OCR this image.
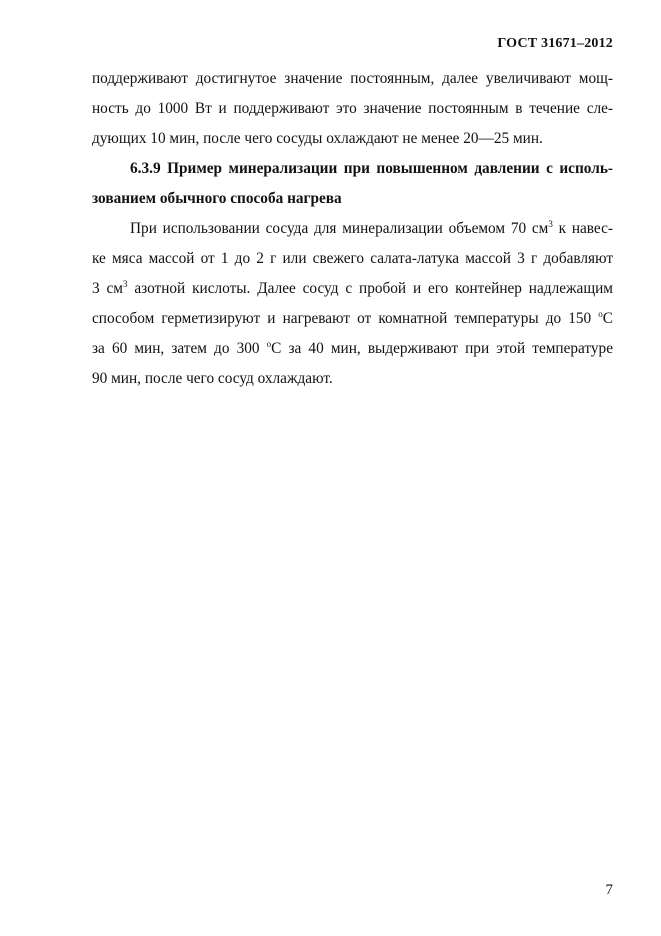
ГОСТ 31671–2012
поддерживают достигнутое значение постоянным, далее увеличивают мощ-
ность до 1000 Вт и поддерживают это значение постоянным в течение сле-
дующих 10 мин, после чего сосуды охлаждают не менее 20—25 мин.
6.3.9 Пример минерализации при повышенном давлении с исполь-
зованием обычного способа нагрева
При использовании сосуда для минерализации объемом 70 $см^3$ к навес-
ке мяса массой от 1 до 2 г или свежего салата-латука массой 3 г добавляют
3 $см^3$ азотной кислоты. Далее сосуд с пробой и его контейнер надлежащим
способом герметизируют и нагревают от комнатной температуры до 150 $^о$С
за 60 мин, затем до 300 $^о$С за 40 мин, выдерживают при этой температуре
90 мин, после чего сосуд охлаждают.
7
